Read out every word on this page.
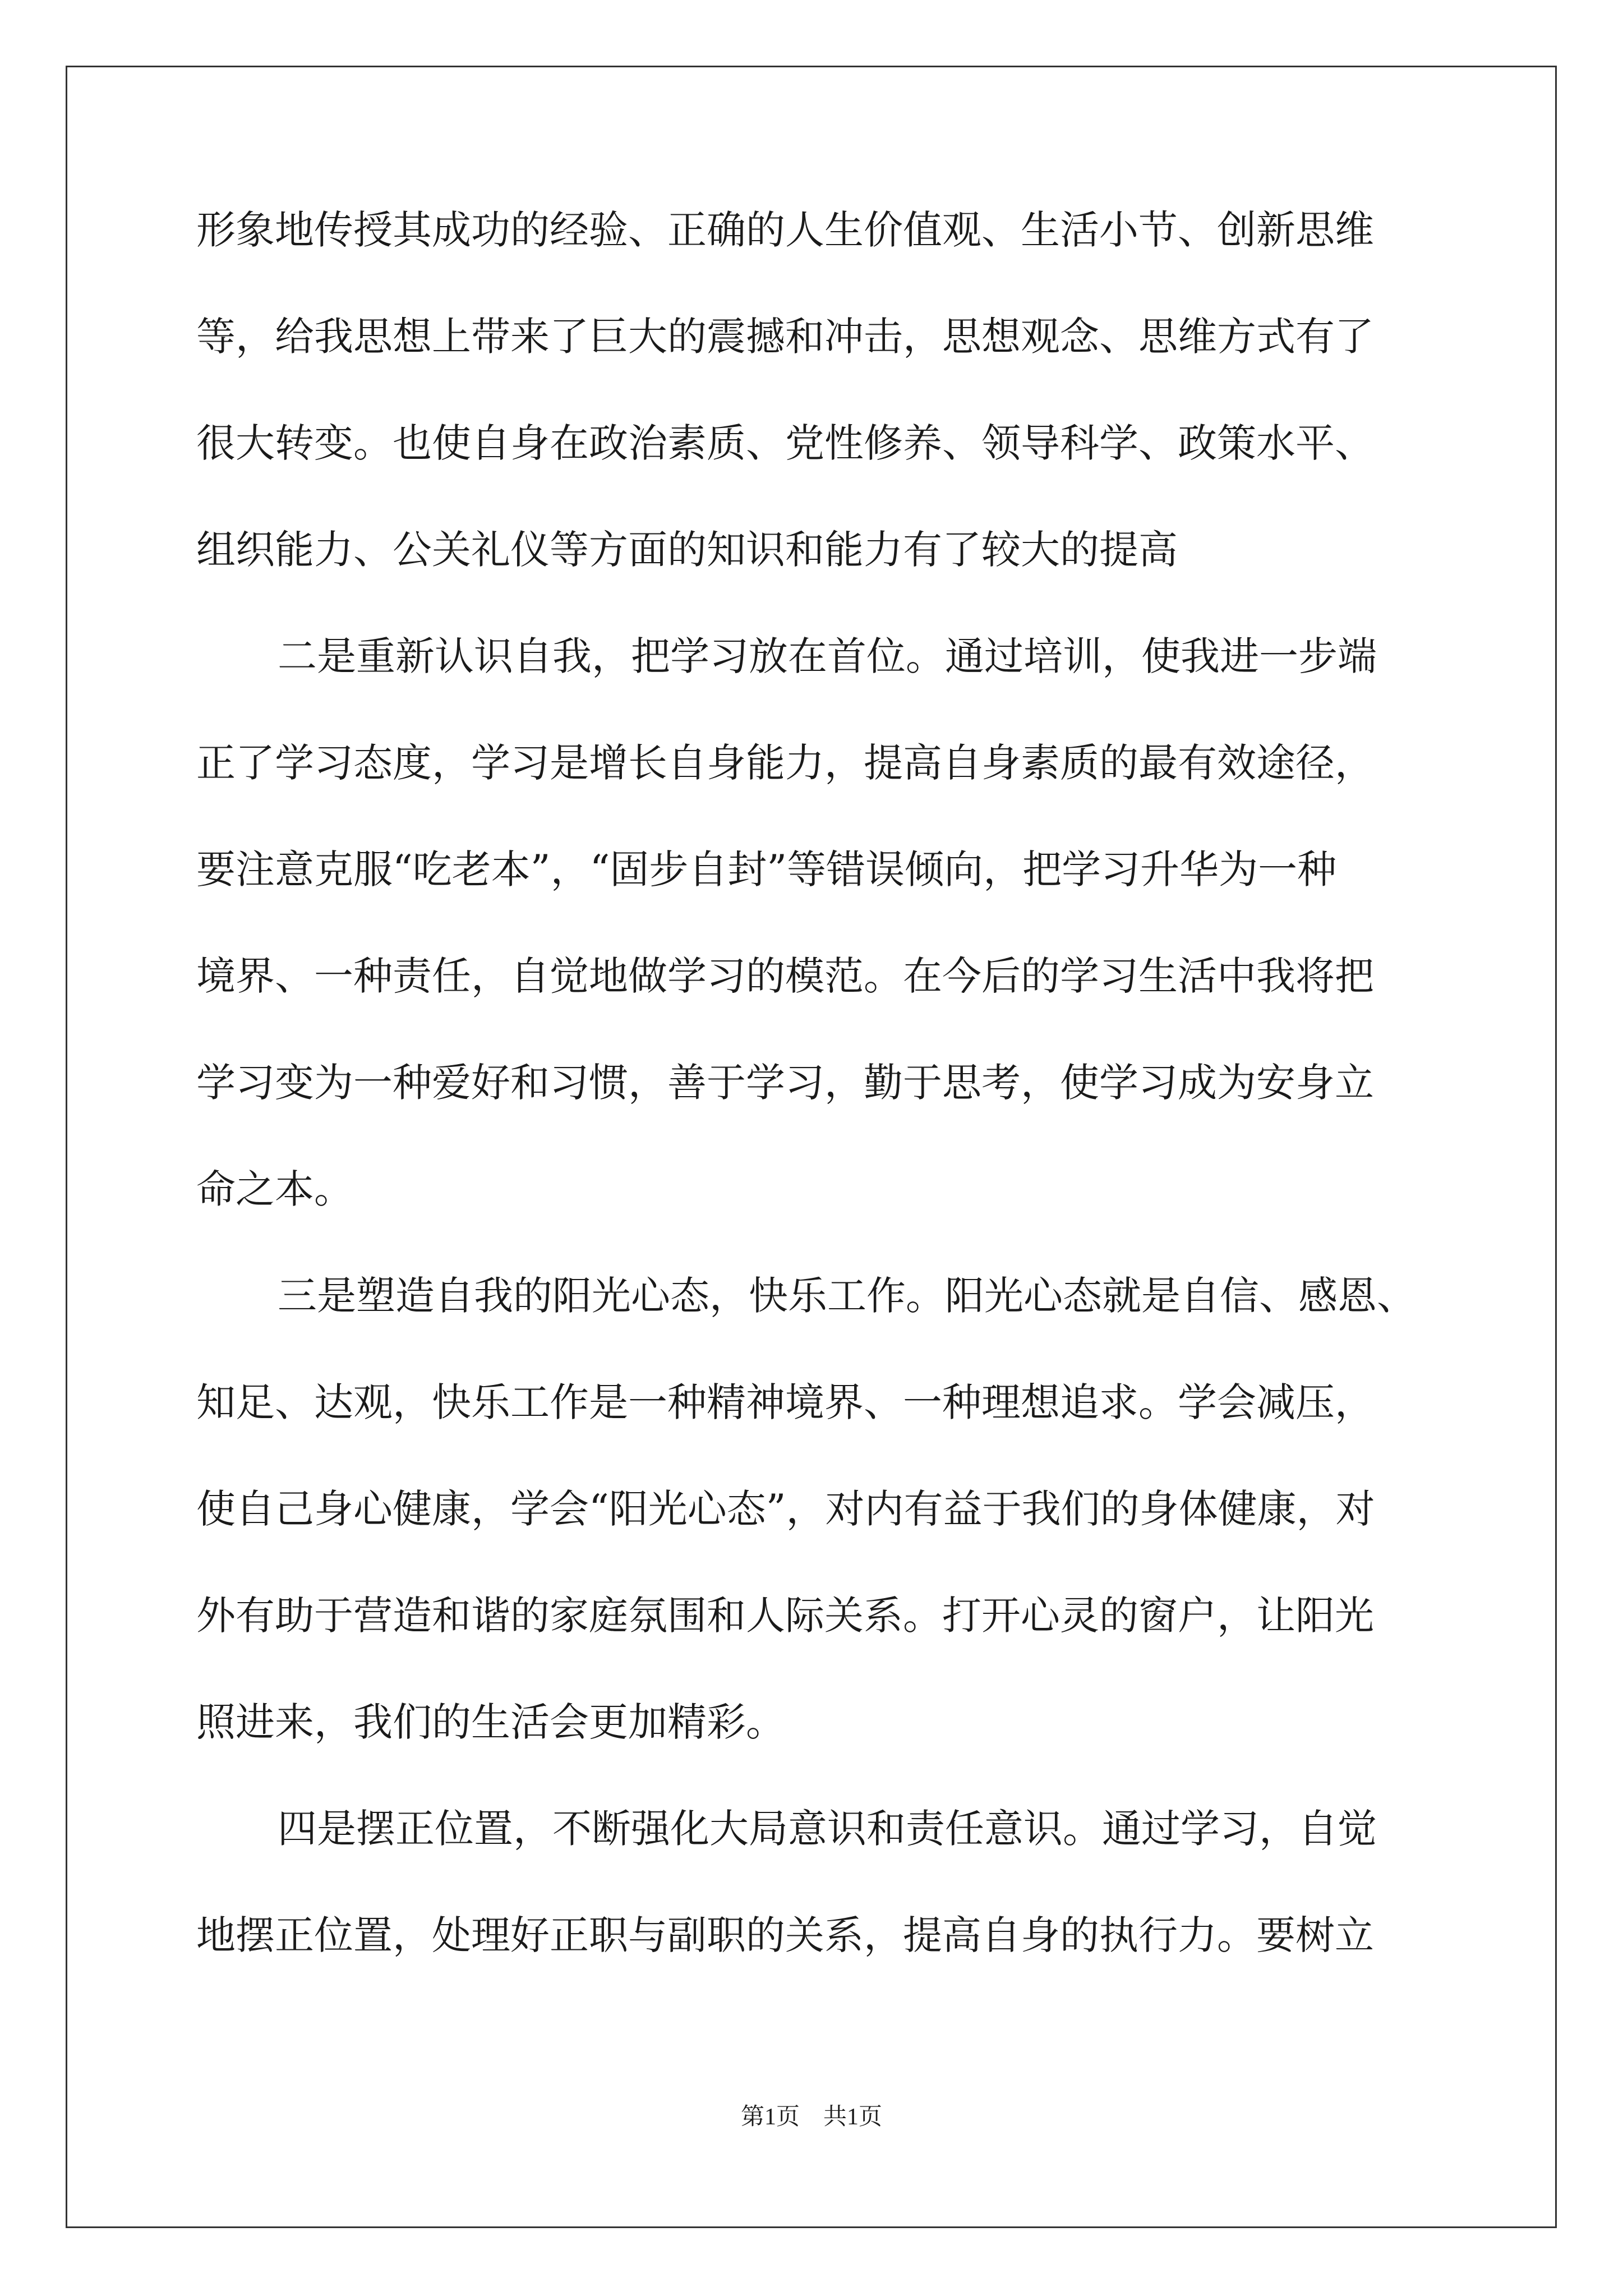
形象地传授其成功的经验、正确的人生价值观、生活小节、创新思维
等，给我思想上带来了巨大的震撼和冲击，思想观念、思维方式有了
很大转变。也使自身在政治素质、党性修养、领导科学、政策水平、
组织能力、公关礼仪等方面的知识和能力有了较大的提高
二是重新认识自我，把学习放在首位。通过培训，使我进一步端
正了学习态度，学习是增长自身能力，提高自身素质的最有效途径，
要注意克服“吃老本”，“固步自封”等错误倾向，把学习升华为一种
境界、一种责任，自觉地做学习的模范。在今后的学习生活中我将把
学习变为一种爱好和习惯，善于学习，勤于思考，使学习成为安身立
命之本。
三是塑造自我的阳光心态，快乐工作。阳光心态就是自信、感恩、
知足、达观，快乐工作是一种精神境界、一种理想追求。学会减压，
使自己身心健康，学会“阳光心态”，对内有益于我们的身体健康，对
外有助于营造和谐的家庭氛围和人际关系。打开心灵的窗户，让阳光
照进来，我们的生活会更加精彩。
四是摆正位置，不断强化大局意识和责任意识。通过学习，自觉
地摆正位置，处理好正职与副职的关系，提高自身的执行力。要树立
第1页　共1页
